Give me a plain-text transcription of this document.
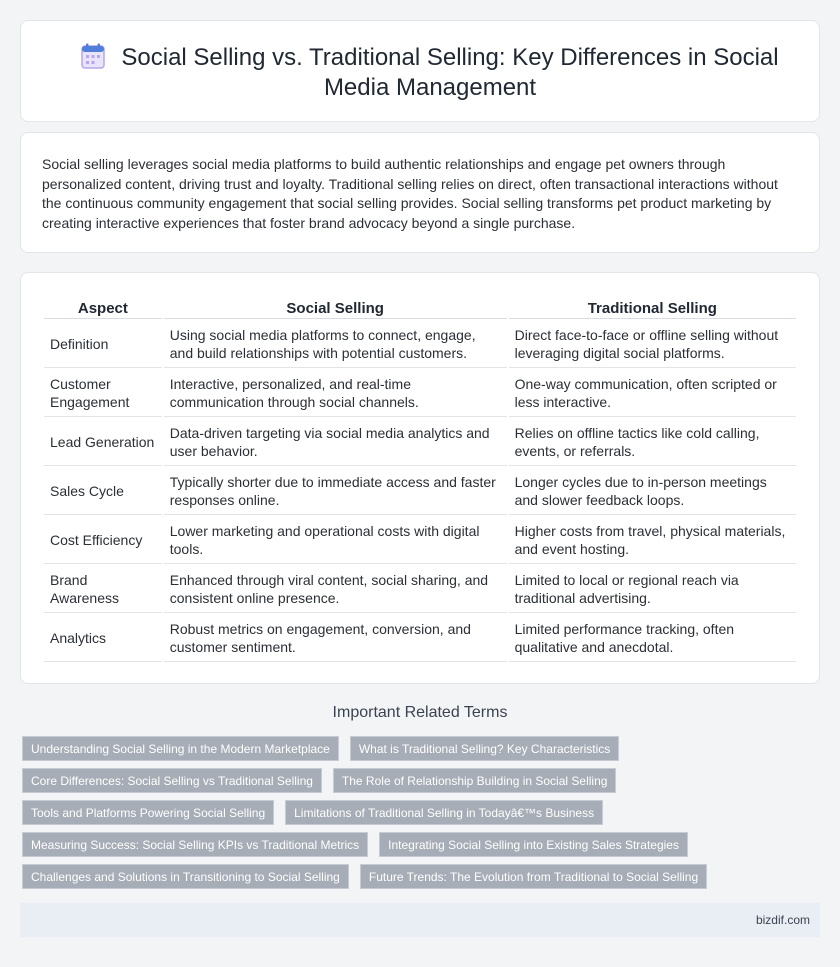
Social Selling vs. Traditional Selling: Key Differences in Social Media Management

Social selling leverages social media platforms to build authentic relationships and engage pet owners through personalized content, driving trust and loyalty. Traditional selling relies on direct, often transactional interactions without the continuous community engagement that social selling provides. Social selling transforms pet product marketing by creating interactive experiences that foster brand advocacy beyond a single purchase.

Aspect	Social Selling	Traditional Selling
Definition	Using social media platforms to connect, engage, and build relationships with potential customers.	Direct face-to-face or offline selling without leveraging digital social platforms.
Customer Engagement	Interactive, personalized, and real-time communication through social channels.	One-way communication, often scripted or less interactive.
Lead Generation	Data-driven targeting via social media analytics and user behavior.	Relies on offline tactics like cold calling, events, or referrals.
Sales Cycle	Typically shorter due to immediate access and faster responses online.	Longer cycles due to in-person meetings and slower feedback loops.
Cost Efficiency	Lower marketing and operational costs with digital tools.	Higher costs from travel, physical materials, and event hosting.
Brand Awareness	Enhanced through viral content, social sharing, and consistent online presence.	Limited to local or regional reach via traditional advertising.
Analytics	Robust metrics on engagement, conversion, and customer sentiment.	Limited performance tracking, often qualitative and anecdotal.
Important Related Terms
Understanding Social Selling in the Modern Marketplace What is Traditional Selling? Key Characteristics
Core Differences: Social Selling vs Traditional Selling The Role of Relationship Building in Social Selling
Tools and Platforms Powering Social Selling Limitations of Traditional Selling in Todayâ€™s Business
Measuring Success: Social Selling KPIs vs Traditional Metrics Integrating Social Selling into Existing Sales Strategies
Challenges and Solutions in Transitioning to Social Selling Future Trends: The Evolution from Traditional to Social Selling
bizdif.com
